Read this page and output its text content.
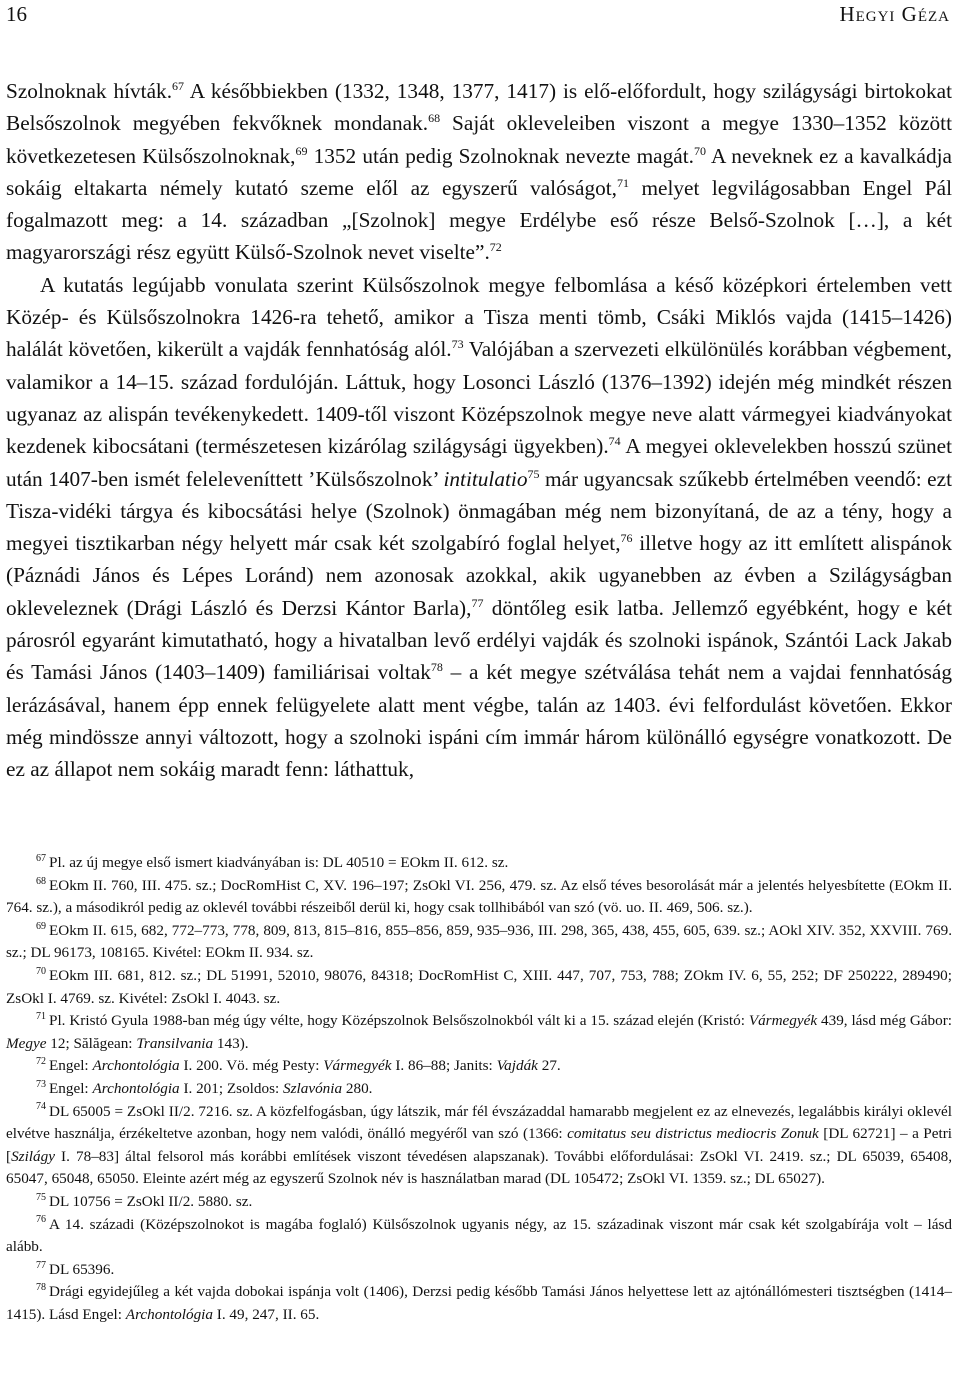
16	Hegyi Géza

Szolnoknak hívták.$^{67}$ A későbbiekben (1332, 1348, 1377, 1417) is elő-előfordult, hogy szilágysági birtokokat Belsőszolnok megyében fekvőknek mondanak.$^{68}$ Saját okleveleiben viszont a megye 1330–1352 között következetesen Külsőszolnoknak,$^{69}$ 1352 után pedig Szolnoknak nevezte magát.$^{70}$ A neveknek ez a kavalkádja sokáig eltakarta némely kutató szeme elől az egyszerű valóságot,$^{71}$ melyet legvilágosabban Engel Pál fogalmazott meg: a 14. században „[Szolnok] megye Erdélybe eső része Belső-Szolnok […], a két magyarországi rész együtt Külső-Szolnok nevet viselte”.$^{72}$

A kutatás legújabb vonulata szerint Külsőszolnok megye felbomlása a késő középkori értelemben vett Közép- és Külsőszolnokra 1426-ra tehető, amikor a Tisza menti tömb, Csáki Miklós vajda (1415–1426) halálát követően, kikerült a vajdák fennhatóság alól.$^{73}$ Valójában a szervezeti elkülönülés korábban végbement, valamikor a 14–15. század fordulóján. Láttuk, hogy Losonci László (1376–1392) idején még mindkét részen ugyanaz az alispán tevékenykedett. 1409-től viszont Középszolnok megye neve alatt vármegyei kiadványokat kezdenek kibocsátani (természetesen kizárólag szilágysági ügyekben).$^{74}$ A megyei oklevelekben hosszú szünet után 1407-ben ismét feleleveníttett ’Külsőszolnok’ intitulatio$^{75}$ már ugyancsak szűkebb értelmében veendő: ezt Tisza-vidéki tárgya és kibocsátási helye (Szolnok) önmagában még nem bizonyítaná, de az a tény, hogy a megyei tisztikarban négy helyett már csak két szolgabíró foglal helyet,$^{76}$ illetve hogy az itt említett alispánok (Páznádi János és Lépes Loránd) nem azonosak azokkal, akik ugyanebben az évben a Szilágyságban okleveleznek (Drági László és Derzsi Kántor Barla),$^{77}$ döntőleg esik latba. Jellemző egyébként, hogy e két párosról egyaránt kimutatható, hogy a hivatalban levő erdélyi vajdák és szolnoki ispánok, Szántói Lack Jakab és Tamási János (1403–1409) familiárisai voltak$^{78}$ – a két megye szétválása tehát nem a vajdai fennhatóság lerázásával, hanem épp ennek felügyelete alatt ment végbe, talán az 1403. évi felfordulást követően. Ekkor még mindössze annyi változott, hogy a szolnoki ispáni cím immár három különálló egységre vonatkozott. De ez az állapot nem sokáig maradt fenn: láthattuk,

$^{67}$ Pl. az új megye első ismert kiadványában is: DL 40510 = EOkm II. 612. sz.

$^{68}$ EOkm II. 760, III. 475. sz.; DocRomHist C, XV. 196–197; ZsOkl VI. 256, 479. sz. Az első téves besorolását már a jelentés helyesbítette (EOkm II. 764. sz.), a másodikról pedig az oklevél további részeiből derül ki, hogy csak tollhibából van szó (vö. uo. II. 469, 506. sz.).

$^{69}$ EOkm II. 615, 682, 772–773, 778, 809, 813, 815–816, 855–856, 859, 935–936, III. 298, 365, 438, 455, 605, 639. sz.; AOkl XIV. 352, XXVIII. 769. sz.; DL 96173, 108165. Kivétel: EOkm II. 934. sz.

$^{70}$ EOkm III. 681, 812. sz.; DL 51991, 52010, 98076, 84318; DocRomHist C, XIII. 447, 707, 753, 788; ZOkm IV. 6, 55, 252; DF 250222, 289490; ZsOkl I. 4769. sz. Kivétel: ZsOkl I. 4043. sz.

$^{71}$ Pl. Kristó Gyula 1988-ban még úgy vélte, hogy Középszolnok Belsőszolnokból vált ki a 15. század elején (Kristó: Vármegyék 439, lásd még Gábor: Megye 12; Sălăgean: Transilvania 143).

$^{72}$ Engel: Archontológia I. 200. Vö. még Pesty: Vármegyék I. 86–88; Janits: Vajdák 27.

$^{73}$ Engel: Archontológia I. 201; Zsoldos: Szlavónia 280.

$^{74}$ DL 65005 = ZsOkl II/2. 7216. sz. A közfelfogásban, úgy látszik, már fél évszázaddal hamarabb megjelent ez az elnevezés, legalábbis királyi oklevél elvétve használja, érzékeltetve azonban, hogy nem valódi, önálló megyéről van szó (1366: comitatus seu districtus mediocris Zonuk [DL 62721] – a Petri [Szilágy I. 78–83] által felsorol más korábbi említések viszont tévedésen alapszanak). További előfordulásai: ZsOkl VI. 2419. sz.; DL 65039, 65408, 65047, 65048, 65050. Eleinte azért még az egyszerű Szolnok név is használatban marad (DL 105472; ZsOkl VI. 1359. sz.; DL 65027).

$^{75}$ DL 10756 = ZsOkl II/2. 5880. sz.

$^{76}$ A 14. századi (Középszolnokot is magába foglaló) Külsőszolnok ugyanis négy, az 15. századinak viszont már csak két szolgabírája volt – lásd alább.

$^{77}$ DL 65396.

$^{78}$ Drági egyidejűleg a két vajda dobokai ispánja volt (1406), Derzsi pedig később Tamási János helyettese lett az ajtónállómesteri tisztségben (1414–1415). Lásd Engel: Archontológia I. 49, 247, II. 65.
